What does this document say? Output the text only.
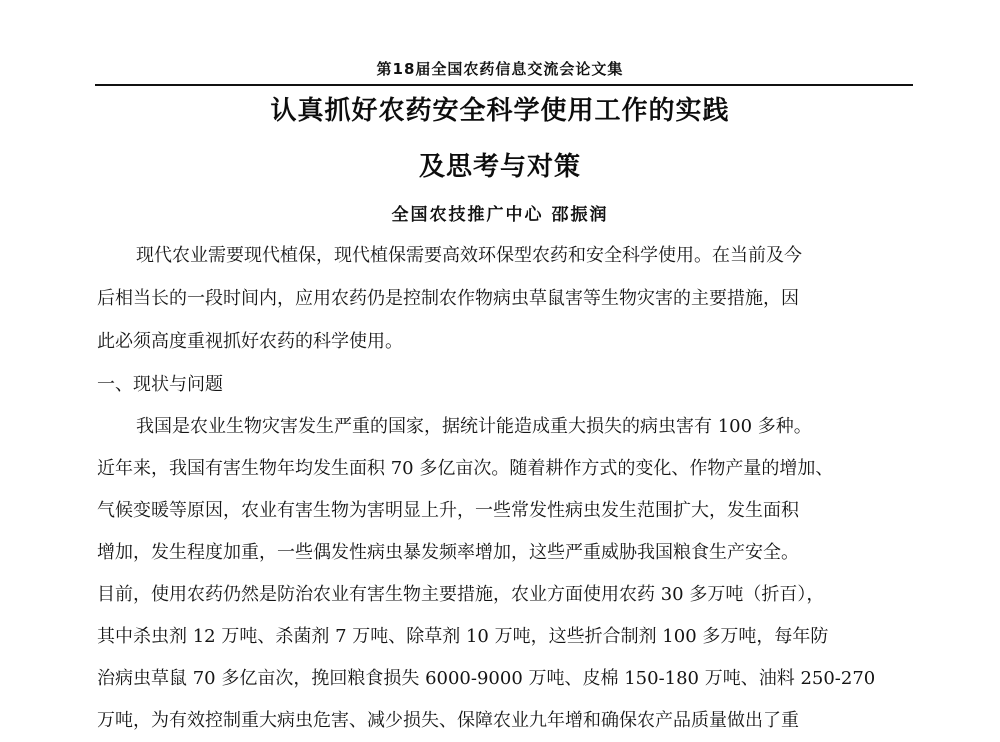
第18届全国农药信息交流会论文集
认真抓好农药安全科学使用工作的实践
及思考与对策
全国农技推广中心 邵振润
现代农业需要现代植保，现代植保需要高效环保型农药和安全科学使用。在当前及今
后相当长的一段时间内，应用农药仍是控制农作物病虫草鼠害等生物灾害的主要措施，因
此必须高度重视抓好农药的科学使用。
一、现状与问题
我国是农业生物灾害发生严重的国家，据统计能造成重大损失的病虫害有 100 多种。
近年来，我国有害生物年均发生面积 70 多亿亩次。随着耕作方式的变化、作物产量的增加、
气候变暖等原因，农业有害生物为害明显上升，一些常发性病虫发生范围扩大，发生面积
增加，发生程度加重，一些偶发性病虫暴发频率增加，这些严重威胁我国粮食生产安全。
目前，使用农药仍然是防治农业有害生物主要措施，农业方面使用农药 30 多万吨（折百），
其中杀虫剂 12 万吨、杀菌剂 7 万吨、除草剂 10 万吨，这些折合制剂 100 多万吨，每年防
治病虫草鼠 70 多亿亩次，挽回粮食损失 6000-9000 万吨、皮棉 150-180 万吨、油料 250-270
万吨，为有效控制重大病虫危害、减少损失、保障农业九年增和确保农产品质量做出了重
